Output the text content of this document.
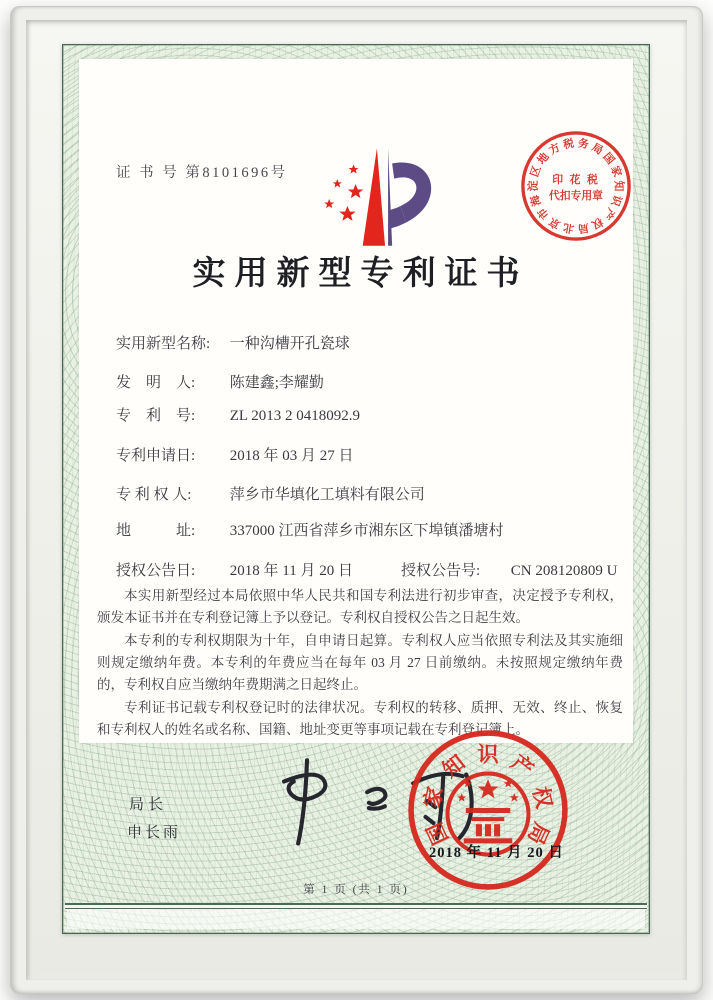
证 书 号 第8101696号
北
京
市
海
淀
区
地
方 税 务 局
国
家
知
识
产
权
局
印 花 税
代扣专用章
实用新型专利证书
实用新型名称: 一种沟槽开孔瓷球
发　明　人: 陈建鑫;李耀勤
专　利　号: ZL 2013 2 0418092.9
专利申请日: 2018 年 03 月 27 日
专 利 权 人:	萍乡市华填化工填料有限公司
地　　　址: 337000 江西省萍乡市湘东区下埠镇潘塘村
授权公告日: 2018 年 11 月 20 日	授权公告号: CN 208120809 U

本实用新型经过本局依照中华人民共和国专利法进行初步审查，决定授予专利权，颁发本证书并在专利登记簿上予以登记。专利权自授权公告之日起生效。

本专利的专利权期限为十年，自申请日起算。专利权人应当依照专利法及其实施细则规定缴纳年费。本专利的年费应当在每年 03 月 27 日前缴纳。未按照规定缴纳年费的，专利权自应当缴纳年费期满之日起终止。

专利证书记载专利权登记时的法律状况。专利权的转移、质押、无效、终止、恢复和专利权人的姓名或名称、国籍、地址变更等事项记载在专利登记簿上。

局长
申长雨	国
家
知 识 产
权
局
2018 年 11 月 20 日
第 1 页 (共 1 页)
